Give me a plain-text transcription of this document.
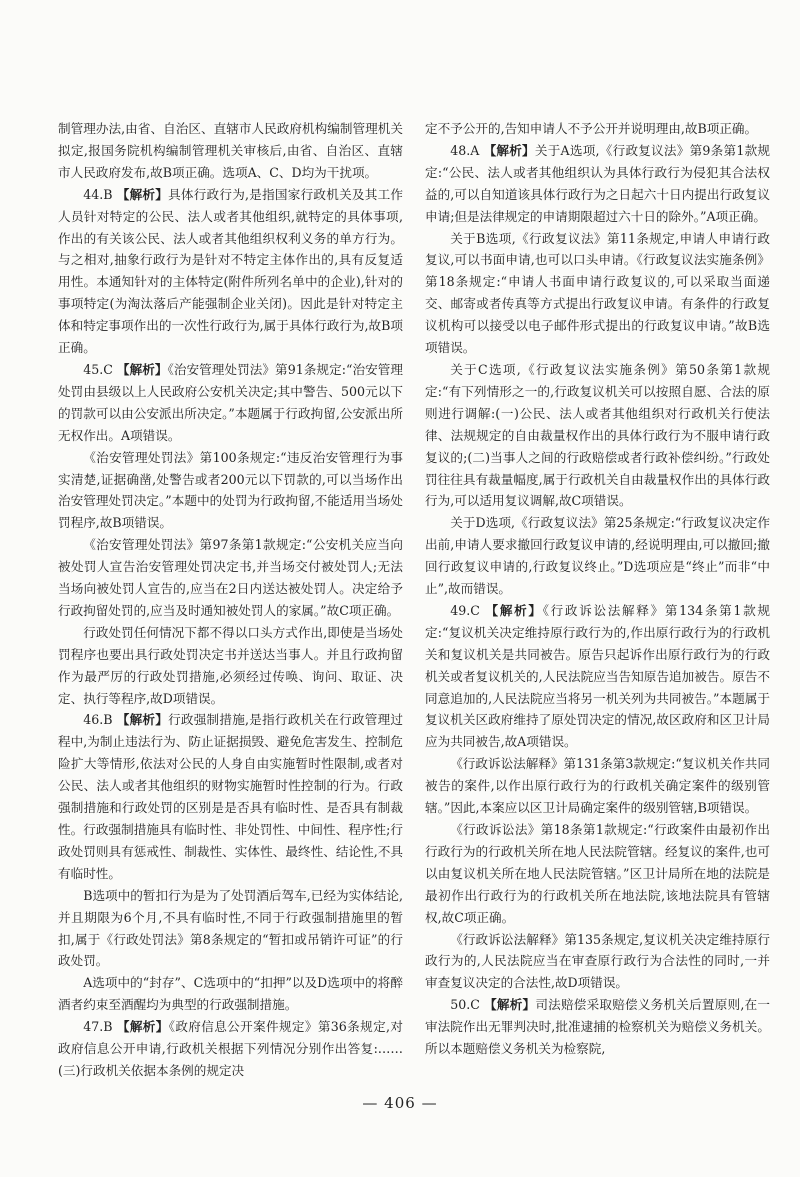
制管理办法,由省、自治区、直辖市人民政府机构编制管理机关拟定,报国务院机构编制管理机关审核后,由省、自治区、直辖市人民政府发布,故B项正确。选项A、C、D均为干扰项。

44.B 【解析】具体行政行为,是指国家行政机关及其工作人员针对特定的公民、法人或者其他组织,就特定的具体事项,作出的有关该公民、法人或者其他组织权利义务的单方行为。与之相对,抽象行政行为是针对不特定主体作出的,具有反复适用性。本通知针对的主体特定(附件所列名单中的企业),针对的事项特定(为淘汰落后产能强制企业关闭)。因此是针对特定主体和特定事项作出的一次性行政行为,属于具体行政行为,故B项正确。

45.C 【解析】《治安管理处罚法》第91条规定:“治安管理处罚由县级以上人民政府公安机关决定;其中警告、500元以下的罚款可以由公安派出所决定。”本题属于行政拘留,公安派出所无权作出。A项错误。

《治安管理处罚法》第100条规定:“违反治安管理行为事实清楚,证据确凿,处警告或者200元以下罚款的,可以当场作出治安管理处罚决定。”本题中的处罚为行政拘留,不能适用当场处罚程序,故B项错误。

《治安管理处罚法》第97条第1款规定:“公安机关应当向被处罚人宣告治安管理处罚决定书,并当场交付被处罚人;无法当场向被处罚人宣告的,应当在2日内送达被处罚人。决定给予行政拘留处罚的,应当及时通知被处罚人的家属。”故C项正确。

行政处罚任何情况下都不得以口头方式作出,即使是当场处罚程序也要出具行政处罚决定书并送达当事人。并且行政拘留作为最严厉的行政处罚措施,必须经过传唤、询问、取证、决定、执行等程序,故D项错误。

46.B 【解析】行政强制措施,是指行政机关在行政管理过程中,为制止违法行为、防止证据损毁、避免危害发生、控制危险扩大等情形,依法对公民的人身自由实施暂时性限制,或者对公民、法人或者其他组织的财物实施暂时性控制的行为。行政强制措施和行政处罚的区别是是否具有临时性、是否具有制裁性。行政强制措施具有临时性、非处罚性、中间性、程序性;行政处罚则具有惩戒性、制裁性、实体性、最终性、结论性,不具有临时性。

B选项中的暂扣行为是为了处罚酒后驾车,已经为实体结论,并且期限为6个月,不具有临时性,不同于行政强制措施里的暂扣,属于《行政处罚法》第8条规定的“暂扣或吊销许可证”的行政处罚。

A选项中的“封存”、C选项中的“扣押”以及D选项中的将醉酒者约束至酒醒均为典型的行政强制措施。

47.B 【解析】《政府信息公开案件规定》第36条规定,对政府信息公开申请,行政机关根据下列情况分别作出答复:……(三)行政机关依据本条例的规定决

定不予公开的,告知申请人不予公开并说明理由,故B项正确。

48.A 【解析】关于A选项,《行政复议法》第9条第1款规定:“公民、法人或者其他组织认为具体行政行为侵犯其合法权益的,可以自知道该具体行政行为之日起六十日内提出行政复议申请;但是法律规定的申请期限超过六十日的除外。”A项正确。

关于B选项,《行政复议法》第11条规定,申请人申请行政复议,可以书面申请,也可以口头申请。《行政复议法实施条例》第18条规定:“申请人书面申请行政复议的,可以采取当面递交、邮寄或者传真等方式提出行政复议申请。有条件的行政复议机构可以接受以电子邮件形式提出的行政复议申请。”故B选项错误。

关于C选项,《行政复议法实施条例》第50条第1款规定:“有下列情形之一的,行政复议机关可以按照自愿、合法的原则进行调解:(一)公民、法人或者其他组织对行政机关行使法律、法规规定的自由裁量权作出的具体行政行为不服申请行政复议的;(二)当事人之间的行政赔偿或者行政补偿纠纷。”行政处罚往往具有裁量幅度,属于行政机关自由裁量权作出的具体行政行为,可以适用复议调解,故C项错误。

关于D选项,《行政复议法》第25条规定:“行政复议决定作出前,申请人要求撤回行政复议申请的,经说明理由,可以撤回;撤回行政复议申请的,行政复议终止。”D选项应是“终止”而非“中止”,故而错误。

49.C 【解析】《行政诉讼法解释》第134条第1款规定:“复议机关决定维持原行政行为的,作出原行政行为的行政机关和复议机关是共同被告。原告只起诉作出原行政行为的行政机关或者复议机关的,人民法院应当告知原告追加被告。原告不同意追加的,人民法院应当将另一机关列为共同被告。”本题属于复议机关区政府维持了原处罚决定的情况,故区政府和区卫计局应为共同被告,故A项错误。

《行政诉讼法解释》第131条第3款规定:“复议机关作共同被告的案件,以作出原行政行为的行政机关确定案件的级别管辖。”因此,本案应以区卫计局确定案件的级别管辖,B项错误。

《行政诉讼法》第18条第1款规定:“行政案件由最初作出行政行为的行政机关所在地人民法院管辖。经复议的案件,也可以由复议机关所在地人民法院管辖。”区卫计局所在地的法院是最初作出行政行为的行政机关所在地法院,该地法院具有管辖权,故C项正确。

《行政诉讼法解释》第135条规定,复议机关决定维持原行政行为的,人民法院应当在审查原行政行为合法性的同时,一并审查复议决定的合法性,故D项错误。

50.C 【解析】司法赔偿采取赔偿义务机关后置原则,在一审法院作出无罪判决时,批准逮捕的检察机关为赔偿义务机关。所以本题赔偿义务机关为检察院,

— 406 —
